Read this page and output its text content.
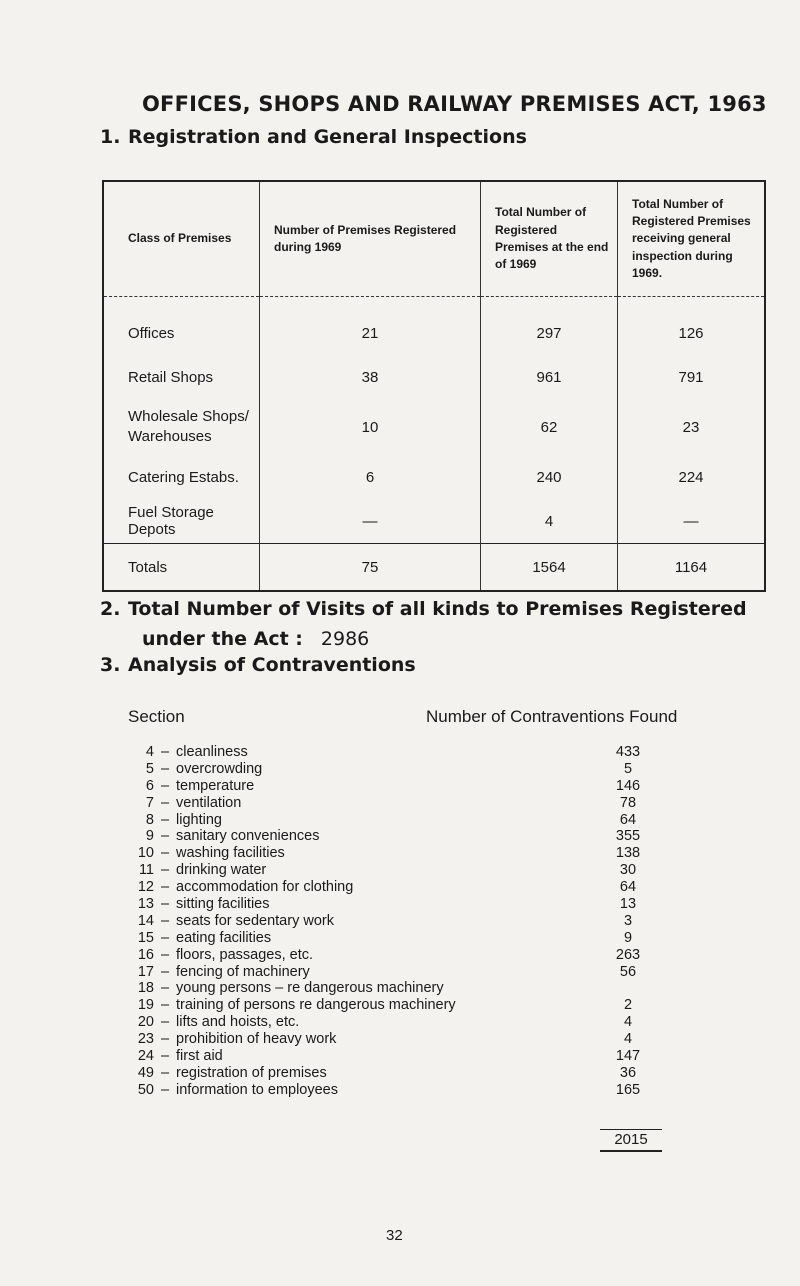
OFFICES, SHOPS AND RAILWAY PREMISES ACT, 1963
1. Registration and General Inspections
Class of Premises	Number of Premises Registered during 1969	Total Number of Registered Premises at the end of 1969	Total Number of Registered Premises receiving general inspection during 1969.
Offices	21	297	126
Retail Shops	38	961	791
Wholesale Shops/ Warehouses	10	62	23
Catering Estabs.	6	240	224
Fuel Storage Depots	—	4	—
Totals	75	1564	1164
2. Total Number of Visits of all kinds to Premises Registered
under the Act : 2986
3. Analysis of Contraventions
Section	Number of Contraventions Found
4 – cleanliness	433
5 – overcrowding	5
6 – temperature	146
7 – ventilation	78
8 – lighting	64
9 – sanitary conveniences	355
10 – washing facilities	138
11 – drinking water	30
12 – accommodation for clothing	64
13 – sitting facilities	13
14 – seats for sedentary work	3
15 – eating facilities	9
16 – floors, passages, etc.	263
17 – fencing of machinery	56
18 – young persons – re dangerous machinery
19 – training of persons re dangerous machinery	2
20 – lifts and hoists, etc.	4
23 – prohibition of heavy work	4
24 – first aid	147
49 – registration of premises	36
50 – information to employees	165
2015
32
